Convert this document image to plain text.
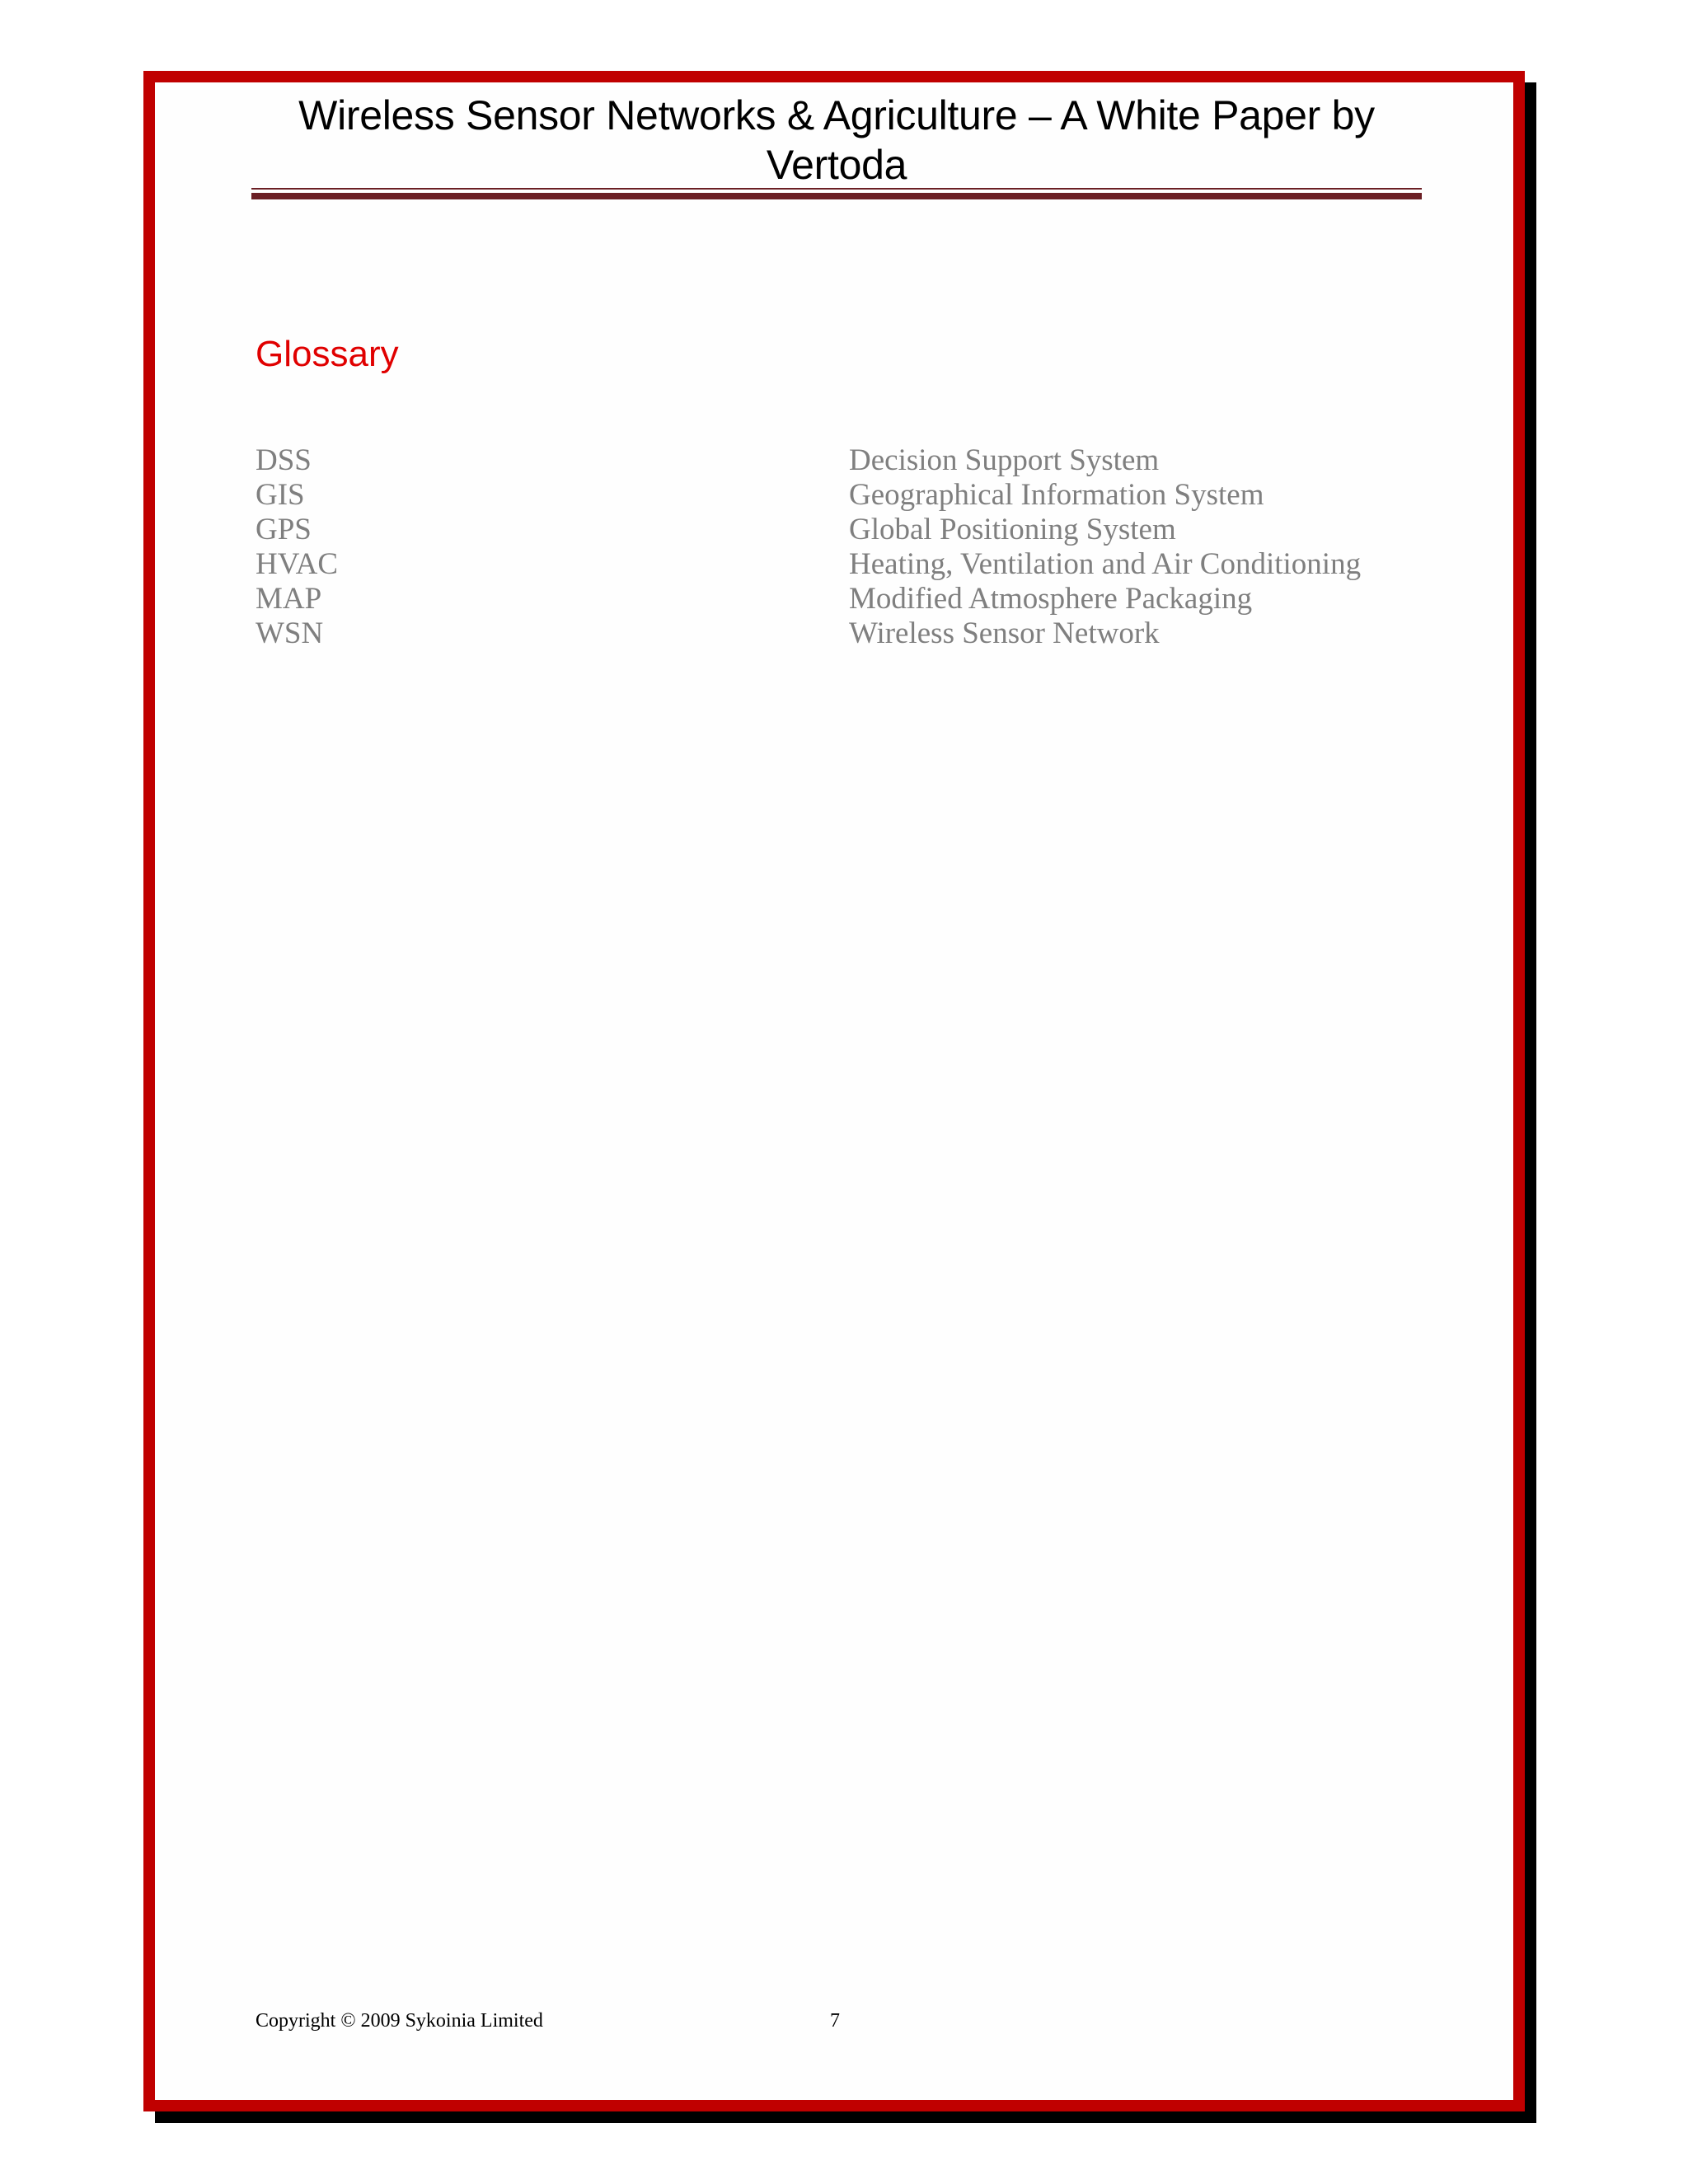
Wireless Sensor Networks & Agriculture – A White Paper by
Vertoda
Glossary
DSS	Decision Support System
GIS	Geographical Information System
GPS	Global Positioning System
HVAC	Heating, Ventilation and Air Conditioning
MAP	Modified Atmosphere Packaging
WSN	Wireless Sensor Network
Copyright © 2009 Sykoinia Limited	7
